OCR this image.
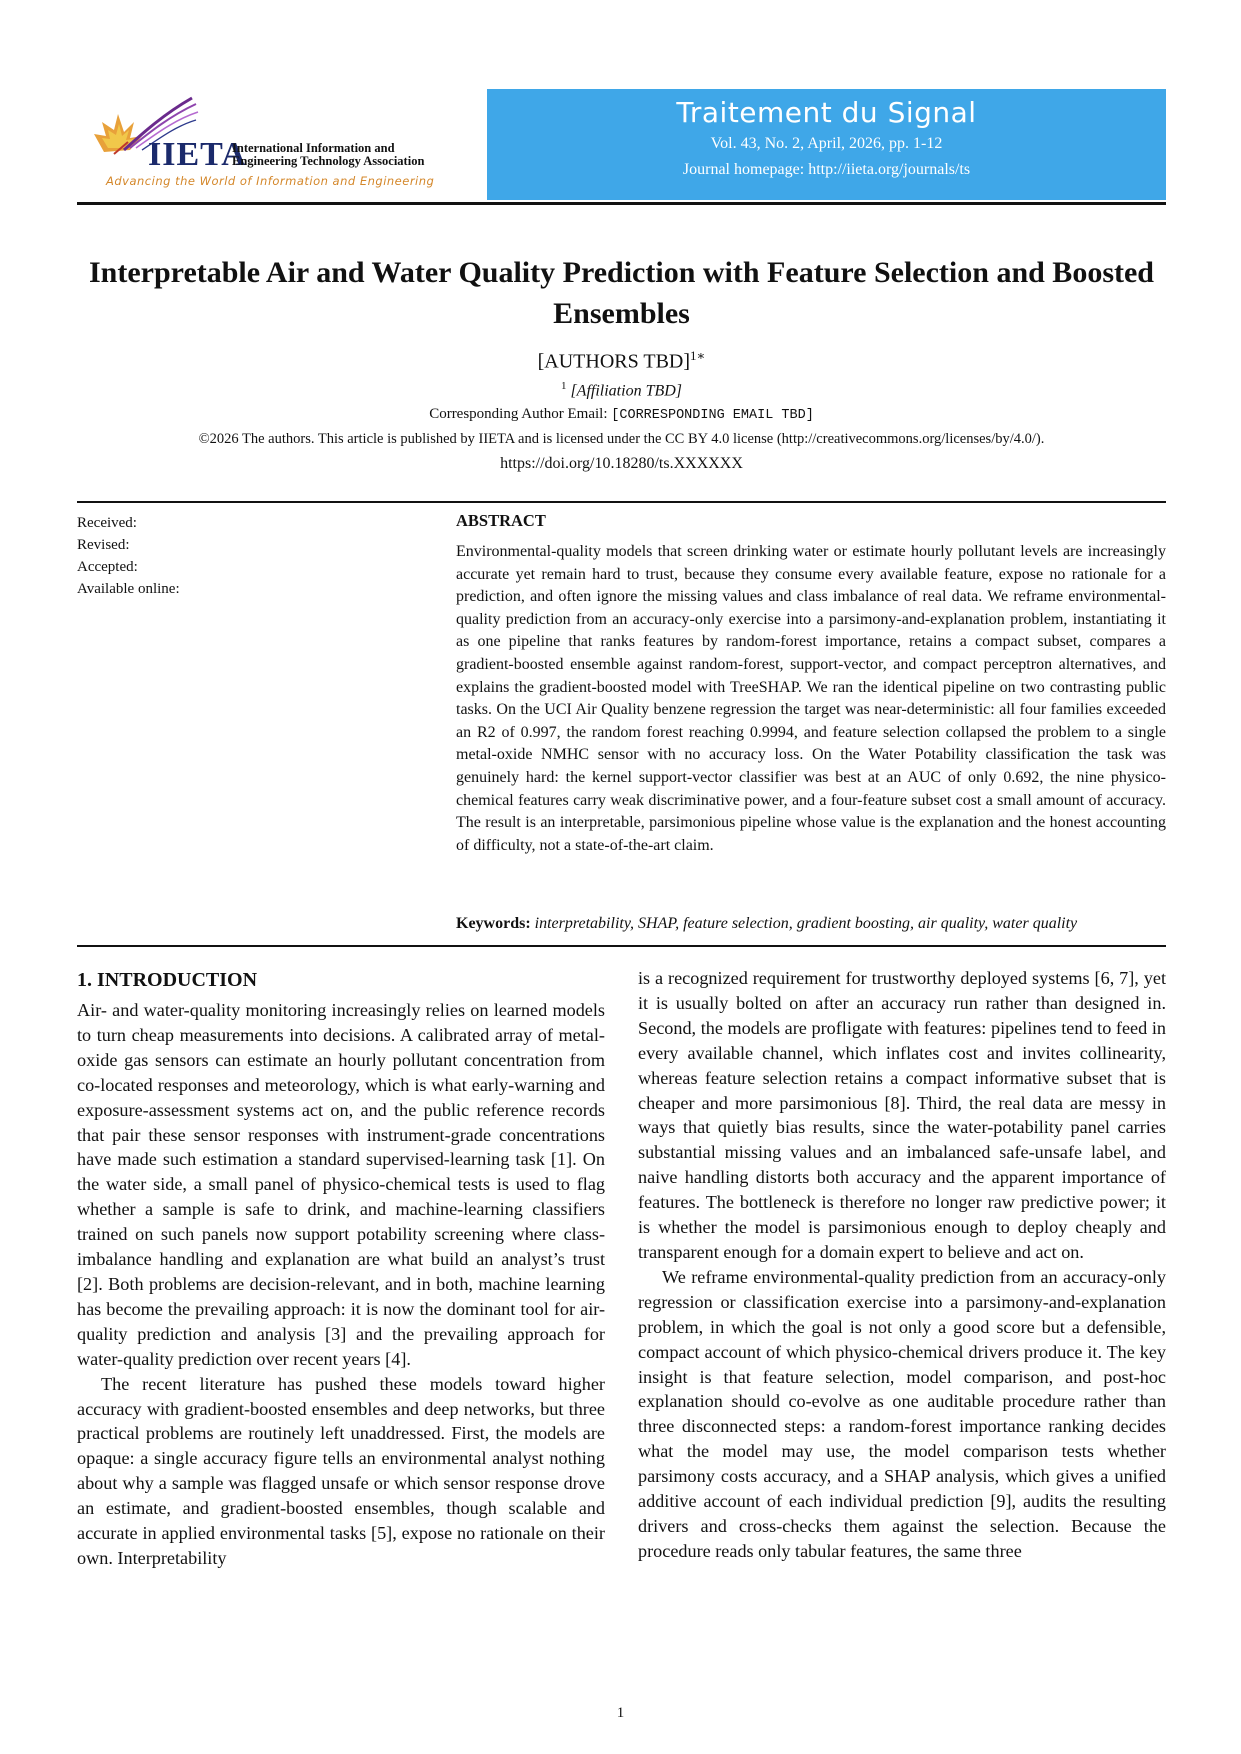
IIETA
International Information and
Engineering Technology Association
Advancing the World of Information and Engineering
Traitement du Signal
Vol. 43, No. 2, April, 2026, pp. 1-12
Journal homepage: http://iieta.org/journals/ts
Interpretable Air and Water Quality Prediction with Feature Selection and Boosted Ensembles
[AUTHORS TBD]$^{1∗}$
$^1$ [Affiliation TBD]
Corresponding Author Email: [CORRESPONDING EMAIL TBD]
©2026 The authors. This article is published by IIETA and is licensed under the CC BY 4.0 license (http://creativecommons.org/licenses/by/4.0/).
https://doi.org/10.18280/ts.XXXXXX
Received:
Revised:
Accepted:
Available online:
ABSTRACT
Environmental-quality models that screen drinking water or estimate hourly pollutant levels are increasingly accurate yet remain hard to trust, because they consume every available feature, expose no rationale for a prediction, and often ignore the missing values and class imbalance of real data. We reframe environmental-quality prediction from an accuracy-only exercise into a parsimony-and-explanation problem, instantiating it as one pipeline that ranks features by random-forest importance, retains a compact subset, compares a gradient-boosted ensemble against random-forest, support-vector, and compact perceptron alternatives, and explains the gradient-boosted model with TreeSHAP. We ran the identical pipeline on two contrasting public tasks. On the UCI Air Quality benzene regression the target was near-deterministic: all four families exceeded an R2 of 0.997, the random forest reaching 0.9994, and feature selection collapsed the problem to a single metal-oxide NMHC sensor with no accuracy loss. On the Water Potability classification the task was genuinely hard: the kernel support-vector classifier was best at an AUC of only 0.692, the nine physico-chemical features carry weak discriminative power, and a four-feature subset cost a small amount of accuracy. The result is an interpretable, parsimonious pipeline whose value is the explanation and the honest accounting of difficulty, not a state-of-the-art claim.
Keywords: interpretability, SHAP, feature selection, gradient boosting, air quality, water quality
1. INTRODUCTION

Air- and water-quality monitoring increasingly relies on learned models to turn cheap measurements into decisions. A calibrated array of metal-oxide gas sensors can estimate an hourly pollutant concentration from co-located responses and meteorology, which is what early-warning and exposure-assessment systems act on, and the public reference records that pair these sensor responses with instrument-grade concentrations have made such estimation a standard supervised-learning task [1]. On the water side, a small panel of physico-chemical tests is used to flag whether a sample is safe to drink, and machine-learning classifiers trained on such panels now support potability screening where class-imbalance handling and explanation are what build an analyst’s trust [2]. Both problems are decision-relevant, and in both, machine learning has become the prevailing approach: it is now the dominant tool for air-quality prediction and analysis [3] and the prevailing approach for water-quality prediction over recent years [4].

The recent literature has pushed these models toward higher accuracy with gradient-boosted ensembles and deep networks, but three practical problems are routinely left unaddressed. First, the models are opaque: a single accuracy figure tells an environmental analyst nothing about why a sample was flagged unsafe or which sensor response drove an estimate, and gradient-boosted ensembles, though scalable and accurate in applied environmental tasks [5], expose no rationale on their own. Interpretability

is a recognized requirement for trustworthy deployed systems [6, 7], yet it is usually bolted on after an accuracy run rather than designed in. Second, the models are profligate with features: pipelines tend to feed in every available channel, which inflates cost and invites collinearity, whereas feature selection retains a compact informative subset that is cheaper and more parsimonious [8]. Third, the real data are messy in ways that quietly bias results, since the water-potability panel carries substantial missing values and an imbalanced safe-unsafe label, and naive handling distorts both accuracy and the apparent importance of features. The bottleneck is therefore no longer raw predictive power; it is whether the model is parsimonious enough to deploy cheaply and transparent enough for a domain expert to believe and act on.

We reframe environmental-quality prediction from an accuracy-only regression or classification exercise into a parsimony-and-explanation problem, in which the goal is not only a good score but a defensible, compact account of which physico-chemical drivers produce it. The key insight is that feature selection, model comparison, and post-hoc explanation should co-evolve as one auditable procedure rather than three disconnected steps: a random-forest importance ranking decides what the model may use, the model comparison tests whether parsimony costs accuracy, and a SHAP analysis, which gives a unified additive account of each individual prediction [9], audits the resulting drivers and cross-checks them against the selection. Because the procedure reads only tabular features, the same three

1
